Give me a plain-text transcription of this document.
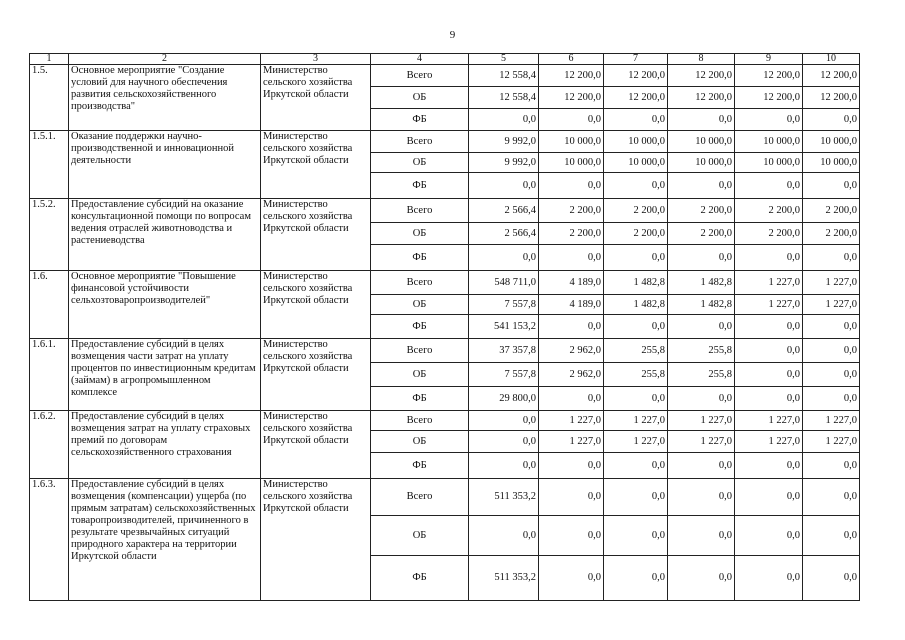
9
1	2	3	4	5	6	7	8	9	10
1.5.	Основное мероприятие "Создание условий для научного обеспечения развития сельскохозяйственного производства"	Министерство сельского хозяйства Иркутской области	Всего	12 558,4	12 200,0	12 200,0	12 200,0	12 200,0	12 200,0
			ОБ	12 558,4	12 200,0	12 200,0	12 200,0	12 200,0	12 200,0
			ФБ	0,0	0,0	0,0	0,0	0,0	0,0
1.5.1.	Оказание поддержки научно-производственной и инновационной деятельности	Министерство сельского хозяйства Иркутской области	Всего	9 992,0	10 000,0	10 000,0	10 000,0	10 000,0	10 000,0
			ОБ	9 992,0	10 000,0	10 000,0	10 000,0	10 000,0	10 000,0
			ФБ	0,0	0,0	0,0	0,0	0,0	0,0
1.5.2.	Предоставление субсидий на оказание консультационной помощи по вопросам ведения отраслей животноводства и растениеводства	Министерство сельского хозяйства Иркутской области	Всего	2 566,4	2 200,0	2 200,0	2 200,0	2 200,0	2 200,0
			ОБ	2 566,4	2 200,0	2 200,0	2 200,0	2 200,0	2 200,0
			ФБ	0,0	0,0	0,0	0,0	0,0	0,0
1.6.	Основное мероприятие "Повышение финансовой устойчивости сельхозтоваропроизводителей"	Министерство сельского хозяйства Иркутской области	Всего	548 711,0	4 189,0	1 482,8	1 482,8	1 227,0	1 227,0
			ОБ	7 557,8	4 189,0	1 482,8	1 482,8	1 227,0	1 227,0
			ФБ	541 153,2	0,0	0,0	0,0	0,0	0,0
1.6.1.	Предоставление субсидий в целях возмещения части затрат на уплату процентов по инвестиционным кредитам (займам) в агропромышленном комплексе	Министерство сельского хозяйства Иркутской области	Всего	37 357,8	2 962,0	255,8	255,8	0,0	0,0
			ОБ	7 557,8	2 962,0	255,8	255,8	0,0	0,0
			ФБ	29 800,0	0,0	0,0	0,0	0,0	0,0
1.6.2.	Предоставление субсидий в целях возмещения затрат на уплату страховых премий по договорам сельскохозяйственного страхования	Министерство сельского хозяйства Иркутской области	Всего	0,0	1 227,0	1 227,0	1 227,0	1 227,0	1 227,0
			ОБ	0,0	1 227,0	1 227,0	1 227,0	1 227,0	1 227,0
			ФБ	0,0	0,0	0,0	0,0	0,0	0,0
1.6.3.	Предоставление субсидий в целях возмещения (компенсации) ущерба (по прямым затратам) сельскохозяйственных товаропроизводителей, причиненного в результате чрезвычайных ситуаций природного характера на территории Иркутской области	Министерство сельского хозяйства Иркутской области	Всего	511 353,2	0,0	0,0	0,0	0,0	0,0
			ОБ	0,0	0,0	0,0	0,0	0,0	0,0
			ФБ	511 353,2	0,0	0,0	0,0	0,0	0,0
